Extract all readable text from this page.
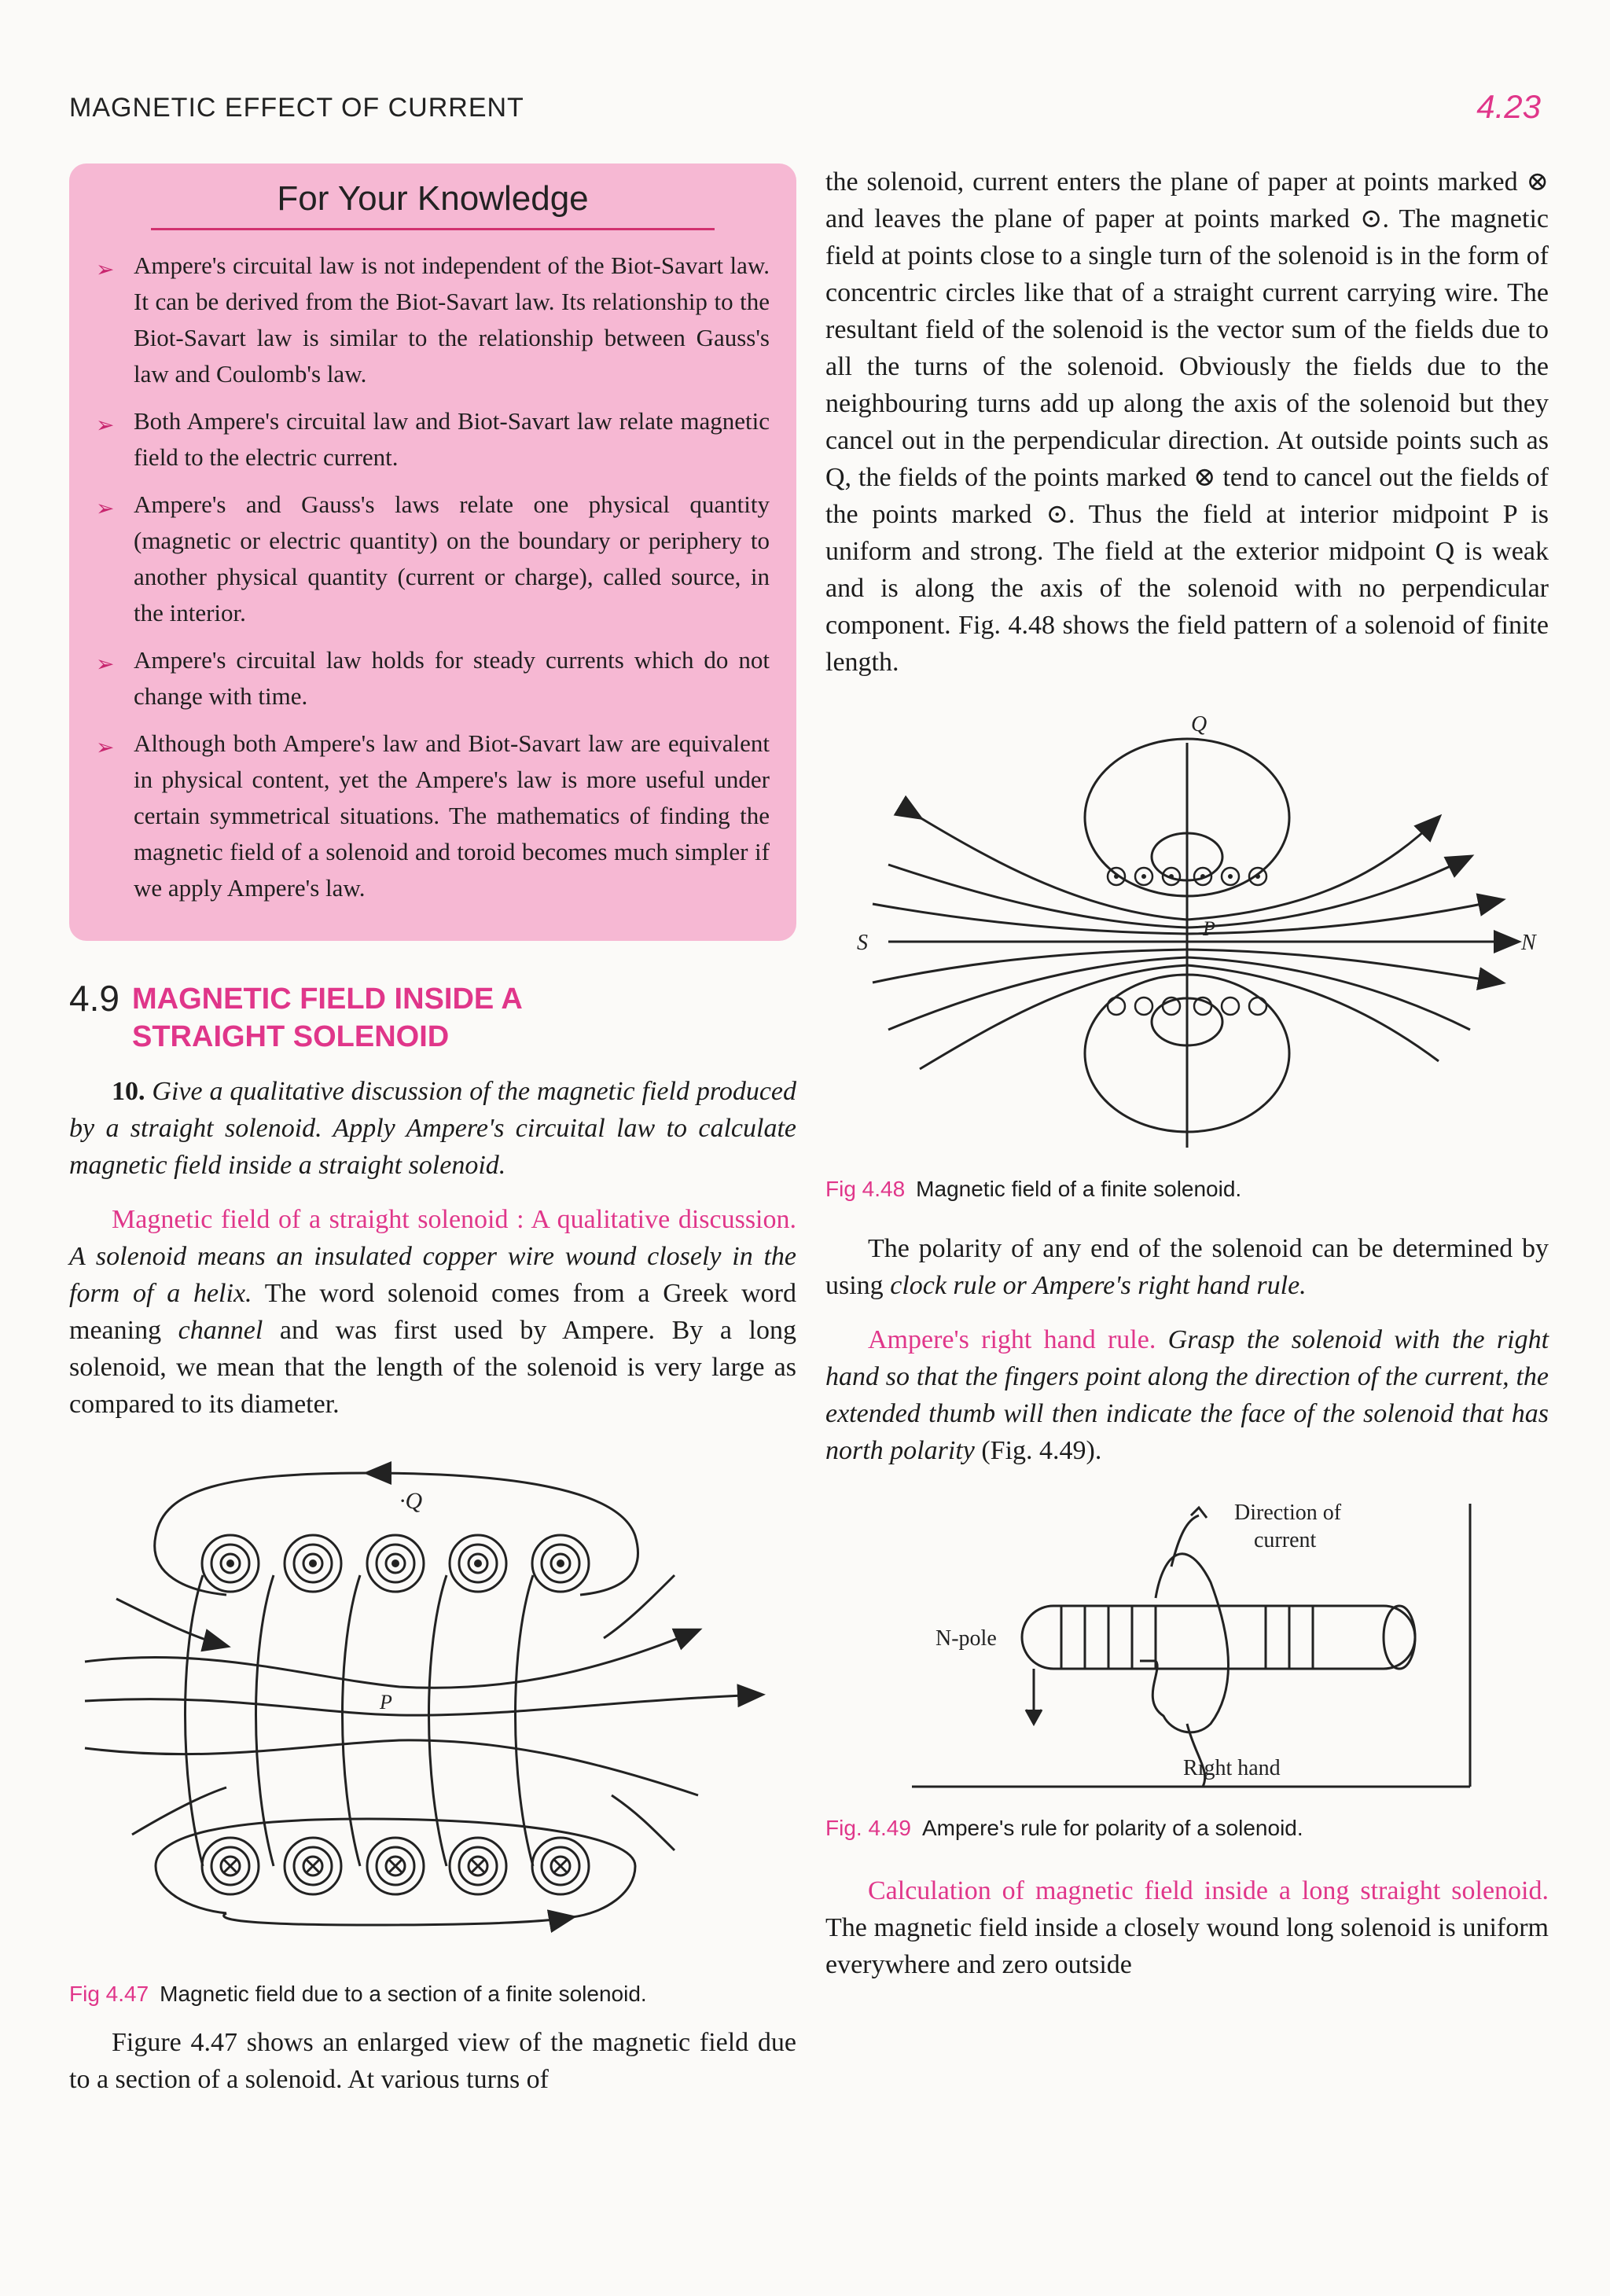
MAGNETIC EFFECT OF CURRENT	4.23
For Your Knowledge
➢ Ampere's circuital law is not independent of the Biot-Savart law. It can be derived from the Biot-Savart law. Its relationship to the Biot-Savart law is similar to the relationship between Gauss's law and Coulomb's law.
➢ Both Ampere's circuital law and Biot-Savart law relate magnetic field to the electric current.
➢ Ampere's and Gauss's laws relate one physical quantity (magnetic or electric quantity) on the boundary or periphery to another physical quantity (current or charge), called source, in the interior.
➢ Ampere's circuital law holds for steady currents which do not change with time.
➢ Although both Ampere's law and Biot-Savart law are equivalent in physical content, yet the Ampere's law is more useful under certain symmetrical situations. The mathematics of finding the magnetic field of a solenoid and toroid becomes much simpler if we apply Ampere's law.
4.9 MAGNETIC FIELD INSIDE A
STRAIGHT SOLENOID

10. Give a qualitative discussion of the magnetic field produced by a straight solenoid. Apply Ampere's circuital law to calculate magnetic field inside a straight solenoid.

Magnetic field of a straight solenoid : A qualitative discussion. A solenoid means an insulated copper wire wound closely in the form of a helix. The word solenoid comes from a Greek word meaning channel and was first used by Ampere. By a long solenoid, we mean that the length of the solenoid is very large as compared to its diameter.

·Q
P
Fig 4.47 Magnetic field due to a section of a finite solenoid.

Figure 4.47 shows an enlarged view of the magnetic field due to a section of a solenoid. At various turns of

the solenoid, current enters the plane of paper at points marked ⊗ and leaves the plane of paper at points marked ⊙. The magnetic field at points close to a single turn of the solenoid is in the form of concentric circles like that of a straight current carrying wire. The resultant field of the solenoid is the vector sum of the fields due to all the turns of the solenoid. Obviously the fields due to the neighbouring turns add up along the axis of the solenoid but they cancel out in the perpendicular direction. At outside points such as Q, the fields of the points marked ⊗ tend to cancel out the fields of the points marked ⊙. Thus the field at interior midpoint P is uniform and strong. The field at the exterior midpoint Q is weak and is along the axis of the solenoid with no perpendicular component. Fig. 4.48 shows the field pattern of a solenoid of finite length.

Q
S
P
N
Fig 4.48 Magnetic field of a finite solenoid.

The polarity of any end of the solenoid can be determined by using clock rule or Ampere's right hand rule.

Ampere's right hand rule. Grasp the solenoid with the right hand so that the fingers point along the direction of the current, the extended thumb will then indicate the face of the solenoid that has north polarity (Fig. 4.49).

Direction of
current
N-pole
Right hand
Fig. 4.49 Ampere's rule for polarity of a solenoid.

Calculation of magnetic field inside a long straight solenoid. The magnetic field inside a closely wound long solenoid is uniform everywhere and zero outside
